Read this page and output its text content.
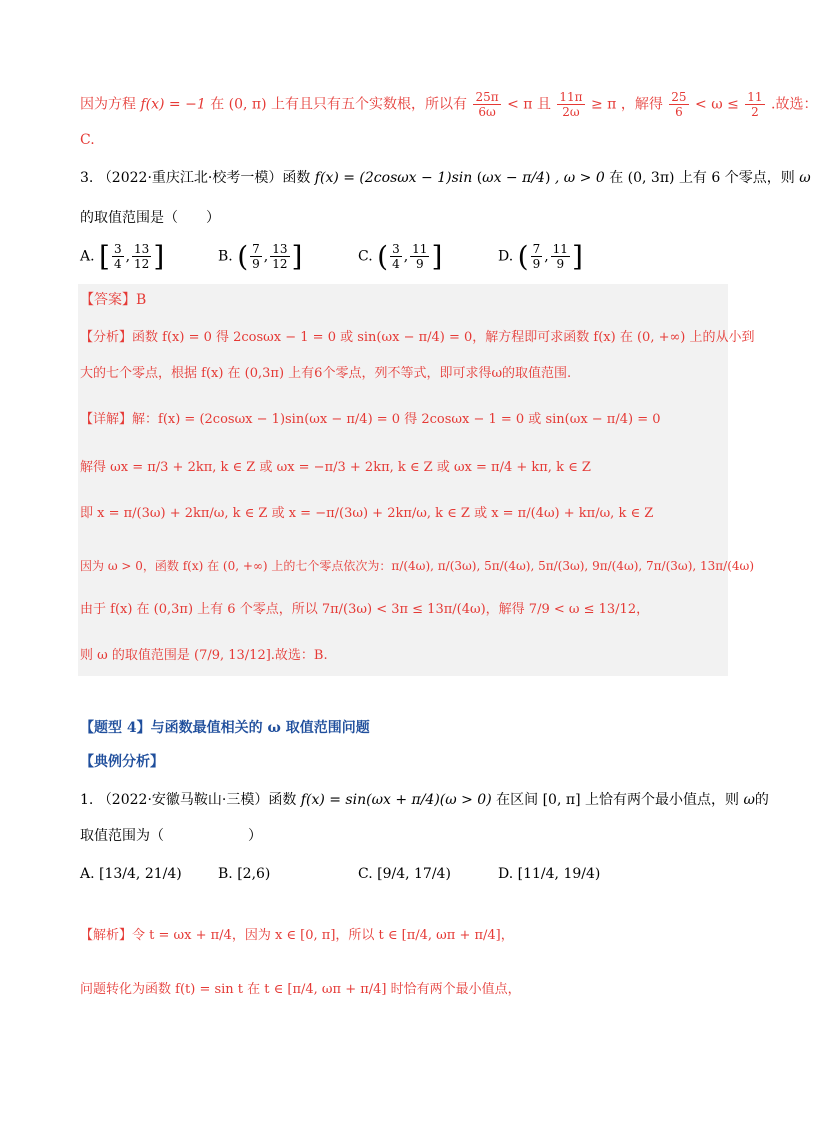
因为方程 f(x) = −1 在 (0, π) 上有且只有五个实数根，所以有 $\frac{25\pi}{6\omega} < \pi$ 且 $\frac{11\pi}{2\omega} \ge \pi$ ，解得 $\frac{25}{6} < \omega \le \frac{11}{2}$ .故选：
C.
3. （2022·重庆江北·校考一模）函数 f(x) = (2cosωx − 1)sin (ωx − π/4) , ω > 0 在 (0, 3π) 上有 6 个零点，则 ω
的取值范围是（　　）
A. [ $\frac{3}{4}$ , $\frac{13}{12}$ ]	B. ( $\frac{7}{9}$ , $\frac{13}{12}$ ]	C. ( $\frac{3}{4}$ , $\frac{11}{9}$ ]	D. ( $\frac{7}{9}$ , $\frac{11}{9}$ ]
【答案】B
【分析】函数 f(x) = 0 得 2cosωx − 1 = 0 或 sin(ωx − π/4) = 0，解方程即可求函数 f(x) 在 (0, +∞) 上的从小到
大的七个零点，根据 f(x) 在 (0,3π) 上有6个零点，列不等式，即可求得ω的取值范围.
【详解】解：f(x) = (2cosωx − 1)sin(ωx − π/4) = 0 得 2cosωx − 1 = 0 或 sin(ωx − π/4) = 0
解得 ωx = π/3 + 2kπ, k ∈ Z 或 ωx = −π/3 + 2kπ, k ∈ Z 或 ωx = π/4 + kπ, k ∈ Z
即 x = π/(3ω) + 2kπ/ω, k ∈ Z 或 x = −π/(3ω) + 2kπ/ω, k ∈ Z 或 x = π/(4ω) + kπ/ω, k ∈ Z
因为 ω > 0，函数 f(x) 在 (0, +∞) 上的七个零点依次为：π/(4ω), π/(3ω), 5π/(4ω), 5π/(3ω), 9π/(4ω), 7π/(3ω), 13π/(4ω)
由于 f(x) 在 (0,3π) 上有 6 个零点，所以 7π/(3ω) < 3π ≤ 13π/(4ω)，解得 7/9 < ω ≤ 13/12，
则 ω 的取值范围是 (7/9, 13/12].故选：B.
【题型 4】与函数最值相关的 ω 取值范围问题
【典例分析】
1. （2022·安徽马鞍山·三模）函数 f(x) = sin(ωx + π/4)(ω > 0) 在区间 [0, π] 上恰有两个最小值点，则 ω的
取值范围为（　　　　　　）
A. [13/4, 21/4)	B. [2,6)	C. [9/4, 17/4)	D. [11/4, 19/4)
【解析】令 t = ωx + π/4，因为 x ∈ [0, π]，所以 t ∈ [π/4, ωπ + π/4]，
问题转化为函数 f(t) = sin t 在 t ∈ [π/4, ωπ + π/4] 时恰有两个最小值点，
